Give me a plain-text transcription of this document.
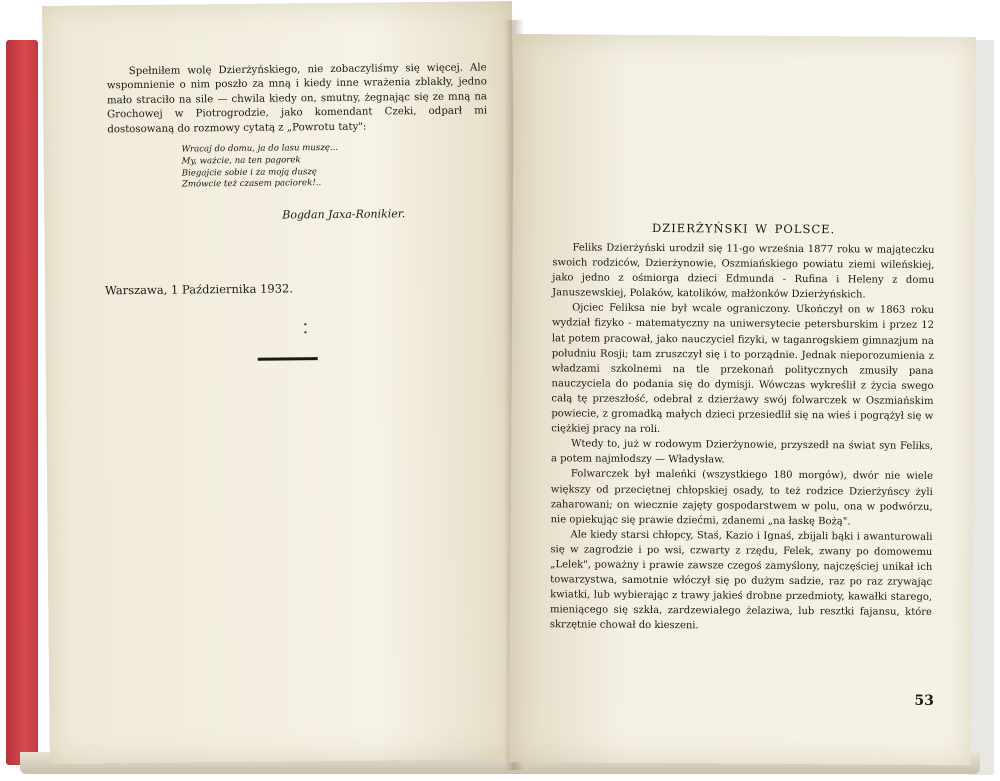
Spełniłem wolę Dzierżyńskiego, nie zobaczyliśmy się więcej. Ale wspomnienie o nim poszło za mną i kiedy inne wrażenia zblakły, jedno mało straciło na sile — chwila kiedy on, smutny, żegnając się ze mną na Grochowej w Piotrogrodzie, jako komendant Czeki, odparł mi dostosowaną do rozmowy cytatą z „Powrotu taty":

Wracaj do domu, ja do lasu muszę...
My, ważcie, na ten pagorek
Biegajcie sobie i za moją duszę
Zmówcie też czasem paciorek!..
Bogdan Jaxa-Ronikier.
Warszawa, 1 Października 1932.
DZIERŻYŃSKI W POLSCE.

Feliks Dzierżyński urodził się 11-go września 1877 roku w mająteczku swoich rodziców, Dzierżynowie, Oszmiańskiego powiatu ziemi wileńskiej, jako jedno z ośmiorga dzieci Edmunda - Rufina i Heleny z domu Januszewskiej, Polaków, katolików, małżonków Dzierżyńskich.

Ojciec Feliksa nie był wcale ograniczony. Ukończył on w 1863 roku wydział fizyko - matematyczny na uniwersytecie petersburskim i przez 12 lat potem pracował, jako nauczyciel fizyki, w taganrogskiem gimnazjum na południu Rosji; tam zruszczył się i to porządnie. Jednak nieporozumienia z władzami szkolnemi na tle przekonań politycznych zmusiły pana nauczyciela do podania się do dymisji. Wówczas wykreślił z życia swego całą tę przeszłość, odebrał z dzierżawy swój folwarczek w Oszmiańskim powiecie, z gromadką małych dzieci przesiedlił się na wieś i pogrążył się w ciężkiej pracy na roli.

Wtedy to, już w rodowym Dzierżynowie, przyszedł na świat syn Feliks, a potem najmłodszy — Władysław.

Folwarczek był maleńki (wszystkiego 180 morgów), dwór nie wiele większy od przeciętnej chłopskiej osady, to też rodzice Dzierżyńscy żyli zaharowani; on wiecznie zajęty gospodarstwem w polu, ona w podwórzu, nie opiekując się prawie dziećmi, zdanemi „na łaskę Bożą".

Ale kiedy starsi chłopcy, Staś, Kazio i Ignaś, zbijali bąki i awanturowali się w zagrodzie i po wsi, czwarty z rzędu, Felek, zwany po domowemu „Lelek", poważny i prawie zawsze czegoś zamyślony, najczęściej unikał ich towarzystwa, samotnie włóczył się po dużym sadzie, raz po raz zrywając kwiatki, lub wybierając z trawy jakieś drobne przedmioty, kawałki starego, mieniącego się szkła, zardzewiałego żelaziwa, lub resztki fajansu, które skrzętnie chował do kieszeni.

53
